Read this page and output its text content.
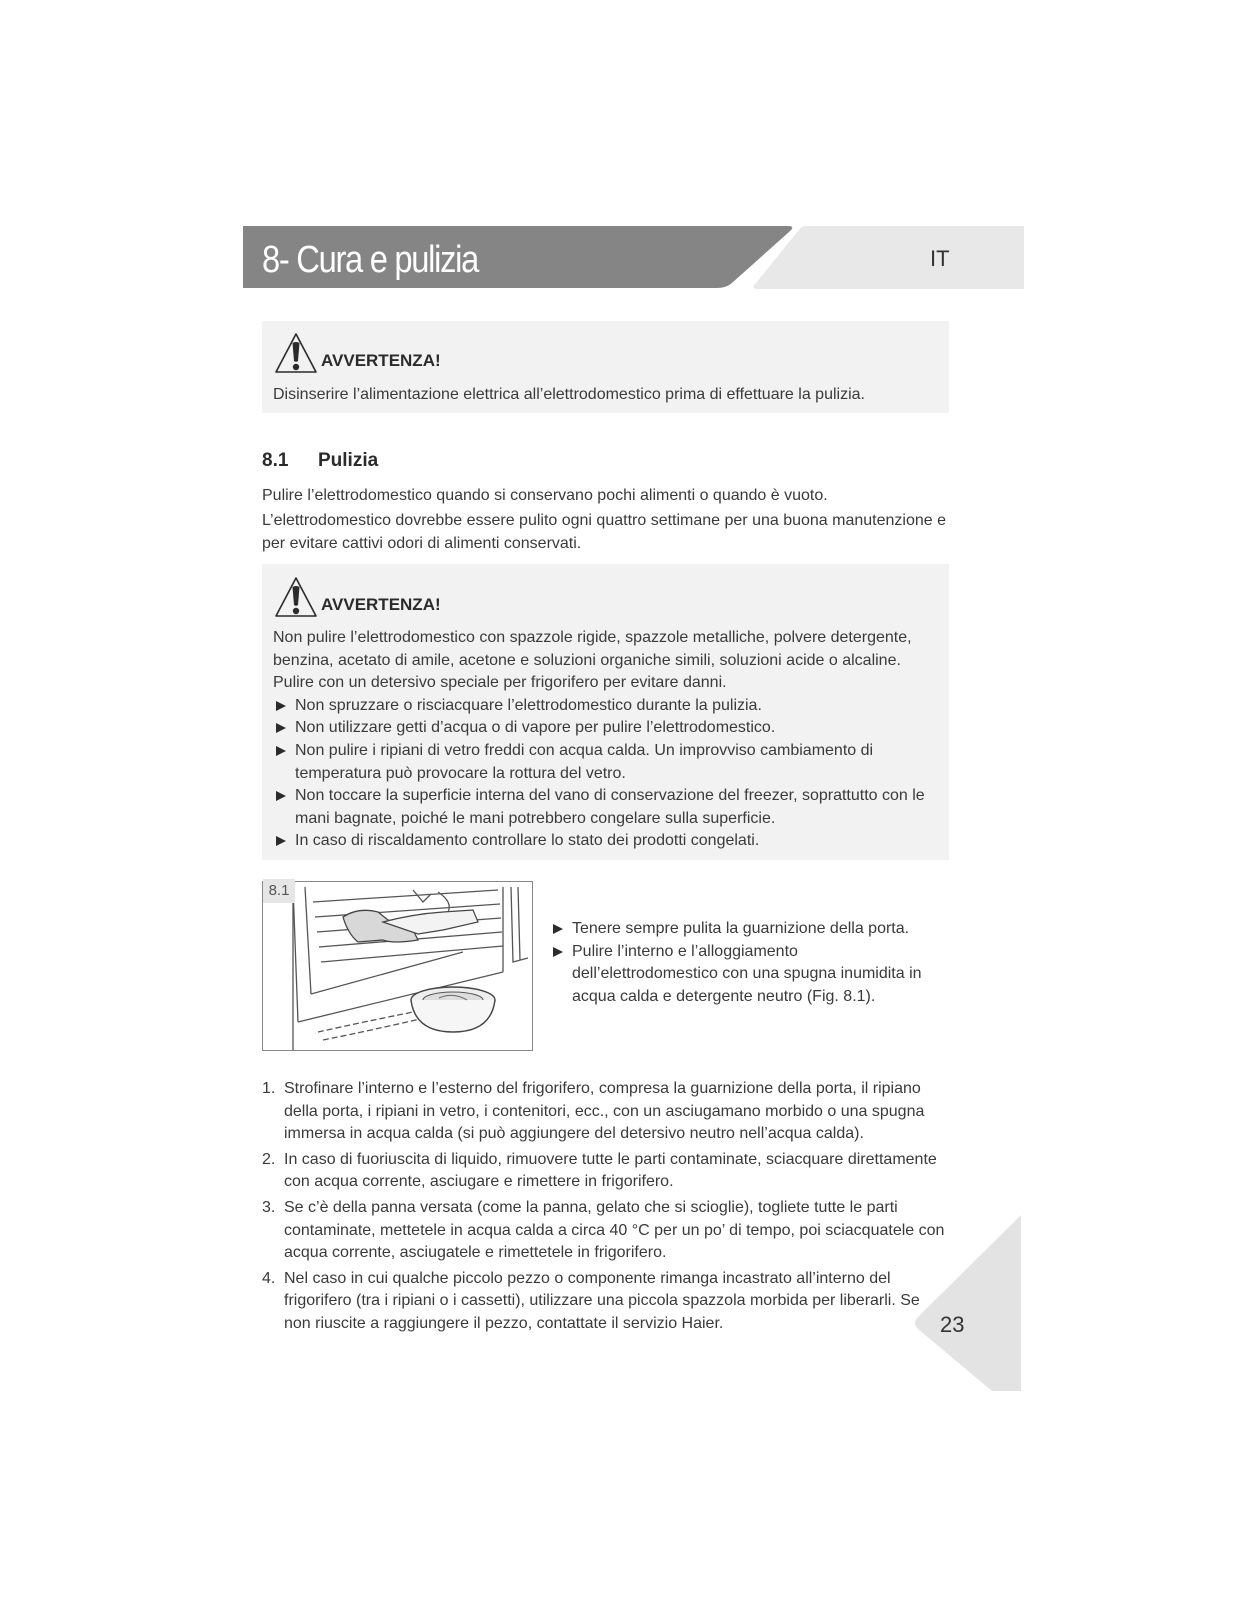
8- Cura e pulizia	IT
AVVERTENZA!
Disinserire l’alimentazione elettrica all’elettrodomestico prima di effettuare la pulizia.
8.1 Pulizia
Pulire l’elettrodomestico quando si conservano pochi alimenti o quando è vuoto.
L’elettrodomestico dovrebbe essere pulito ogni quattro settimane per una buona manutenzione e per evitare cattivi odori di alimenti conservati.
AVVERTENZA!
Non pulire l’elettrodomestico con spazzole rigide, spazzole metalliche, polvere detergente, benzina, acetato di amile, acetone e soluzioni organiche simili, soluzioni acide o alcaline. Pulire con un detersivo speciale per frigorifero per evitare danni.
Non spruzzare o risciacquare l’elettrodomestico durante la pulizia.
Non utilizzare getti d’acqua o di vapore per pulire l’elettrodomestico.
Non pulire i ripiani di vetro freddi con acqua calda. Un improvviso cambiamento di temperatura può provocare la rottura del vetro.
Non toccare la superficie interna del vano di conservazione del freezer, soprattutto con le mani bagnate, poiché le mani potrebbero congelare sulla superficie.
In caso di riscaldamento controllare lo stato dei prodotti congelati.
8.1
Tenere sempre pulita la guarnizione della porta.
Pulire l’interno e l’alloggiamento dell’elettrodomestico con una spugna inumidita in acqua calda e detergente neutro (Fig. 8.1).
1. Strofinare l’interno e l’esterno del frigorifero, compresa la guarnizione della porta, il ripiano della porta, i ripiani in vetro, i contenitori, ecc., con un asciugamano morbido o una spugna immersa in acqua calda (si può aggiungere del detersivo neutro nell’acqua calda).
2. In caso di fuoriuscita di liquido, rimuovere tutte le parti contaminate, sciacquare direttamente con acqua corrente, asciugare e rimettere in frigorifero.
3. Se c’è della panna versata (come la panna, gelato che si scioglie), togliete tutte le parti contaminate, mettetele in acqua calda a circa 40 °C per un po’ di tempo, poi sciacquatele con acqua corrente, asciugatele e rimettetele in frigorifero.
4. Nel caso in cui qualche piccolo pezzo o componente rimanga incastrato all’interno del frigorifero (tra i ripiani o i cassetti), utilizzare una piccola spazzola morbida per liberarli. Se non riuscite a raggiungere il pezzo, contattate il servizio Haier.	23
